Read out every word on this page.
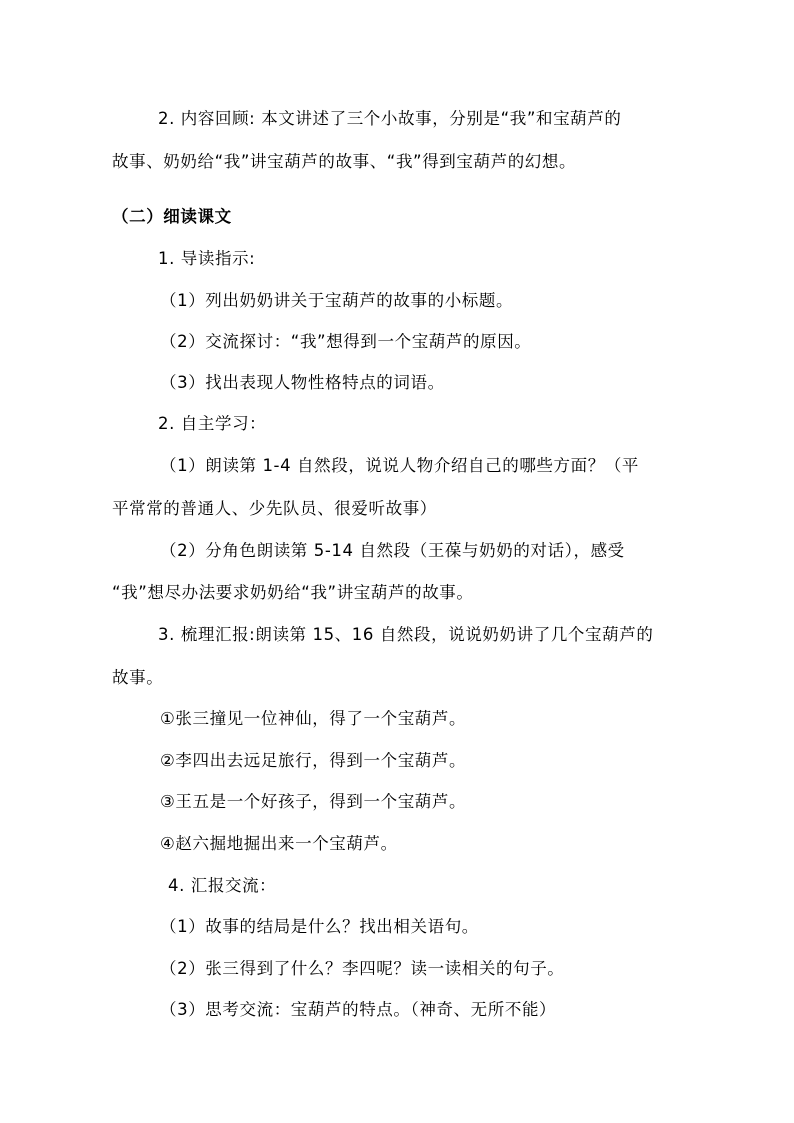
2. 内容回顾: 本文讲述了三个小故事，分别是“我”和宝葫芦的
故事、奶奶给“我”讲宝葫芦的故事、“我”得到宝葫芦的幻想。
（二）细读课文
1. 导读指示:
（1）列出奶奶讲关于宝葫芦的故事的小标题。
（2）交流探讨：“我”想得到一个宝葫芦的原因。
（3）找出表现人物性格特点的词语。
2. 自主学习：
（1）朗读第 1-4 自然段，说说人物介绍自己的哪些方面？（平
平常常的普通人、少先队员、很爱听故事）
（2）分角色朗读第 5-14 自然段（王葆与奶奶的对话），感受
“我”想尽办法要求奶奶给“我”讲宝葫芦的故事。
3. 梳理汇报:朗读第 15、16 自然段，说说奶奶讲了几个宝葫芦的
故事。
①张三撞见一位神仙，得了一个宝葫芦。
②李四出去远足旅行，得到一个宝葫芦。
③王五是一个好孩子，得到一个宝葫芦。
④赵六掘地掘出来一个宝葫芦。
4. 汇报交流：
（1）故事的结局是什么？找出相关语句。
（2）张三得到了什么？李四呢？读一读相关的句子。
（3）思考交流：宝葫芦的特点。（神奇、无所不能）
